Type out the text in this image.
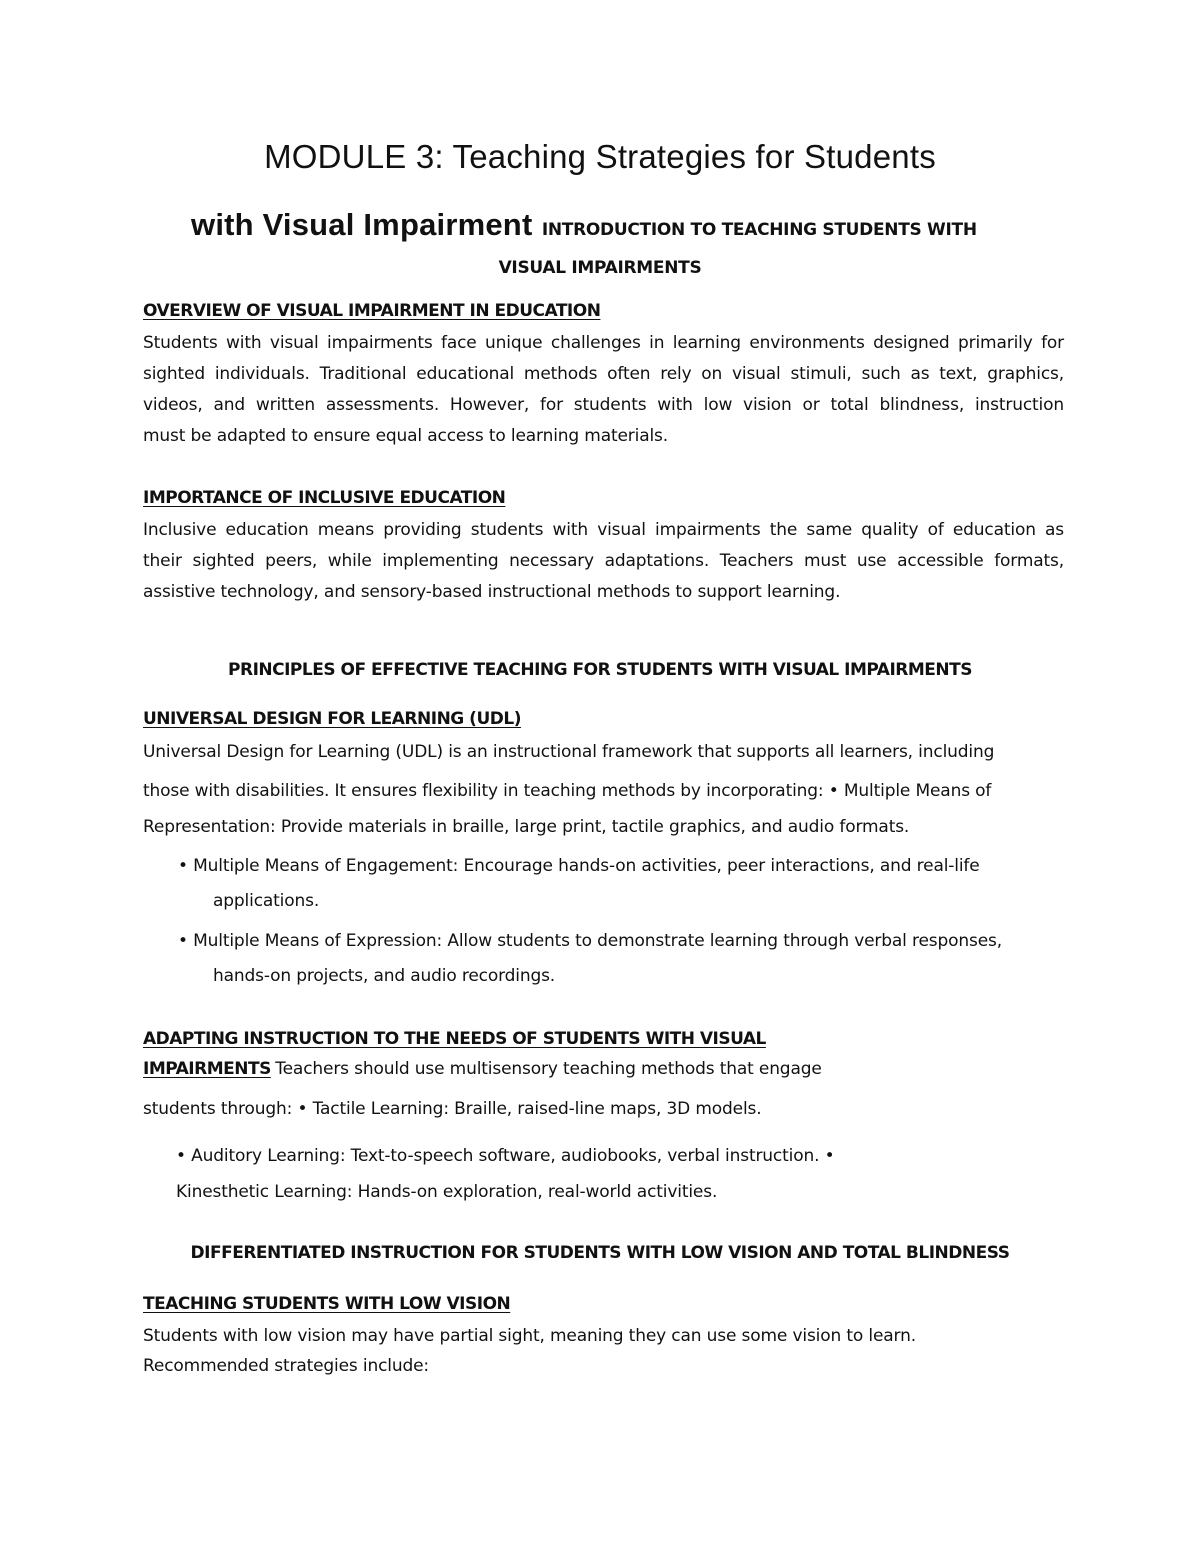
MODULE 3: Teaching Strategies for Students
with Visual Impairment INTRODUCTION TO TEACHING STUDENTS WITH
VISUAL IMPAIRMENTS
OVERVIEW OF VISUAL IMPAIRMENT IN EDUCATION
Students with visual impairments face unique challenges in learning environments designed primarily for
sighted individuals. Traditional educational methods often rely on visual stimuli, such as text, graphics,
videos, and written assessments. However, for students with low vision or total blindness, instruction
must be adapted to ensure equal access to learning materials.
IMPORTANCE OF INCLUSIVE EDUCATION
Inclusive education means providing students with visual impairments the same quality of education as
their sighted peers, while implementing necessary adaptations. Teachers must use accessible formats,
assistive technology, and sensory-based instructional methods to support learning.
PRINCIPLES OF EFFECTIVE TEACHING FOR STUDENTS WITH VISUAL IMPAIRMENTS
UNIVERSAL DESIGN FOR LEARNING (UDL)
Universal Design for Learning (UDL) is an instructional framework that supports all learners, including
those with disabilities. It ensures flexibility in teaching methods by incorporating: • Multiple Means of
Representation: Provide materials in braille, large print, tactile graphics, and audio formats.
• Multiple Means of Engagement: Encourage hands-on activities, peer interactions, and real-life
applications.
• Multiple Means of Expression: Allow students to demonstrate learning through verbal responses,
hands-on projects, and audio recordings.
ADAPTING INSTRUCTION TO THE NEEDS OF STUDENTS WITH VISUAL
IMPAIRMENTS Teachers should use multisensory teaching methods that engage
students through: • Tactile Learning: Braille, raised-line maps, 3D models.
• Auditory Learning: Text-to-speech software, audiobooks, verbal instruction. •
Kinesthetic Learning: Hands-on exploration, real-world activities.
DIFFERENTIATED INSTRUCTION FOR STUDENTS WITH LOW VISION AND TOTAL BLINDNESS
TEACHING STUDENTS WITH LOW VISION
Students with low vision may have partial sight, meaning they can use some vision to learn.
Recommended strategies include:
